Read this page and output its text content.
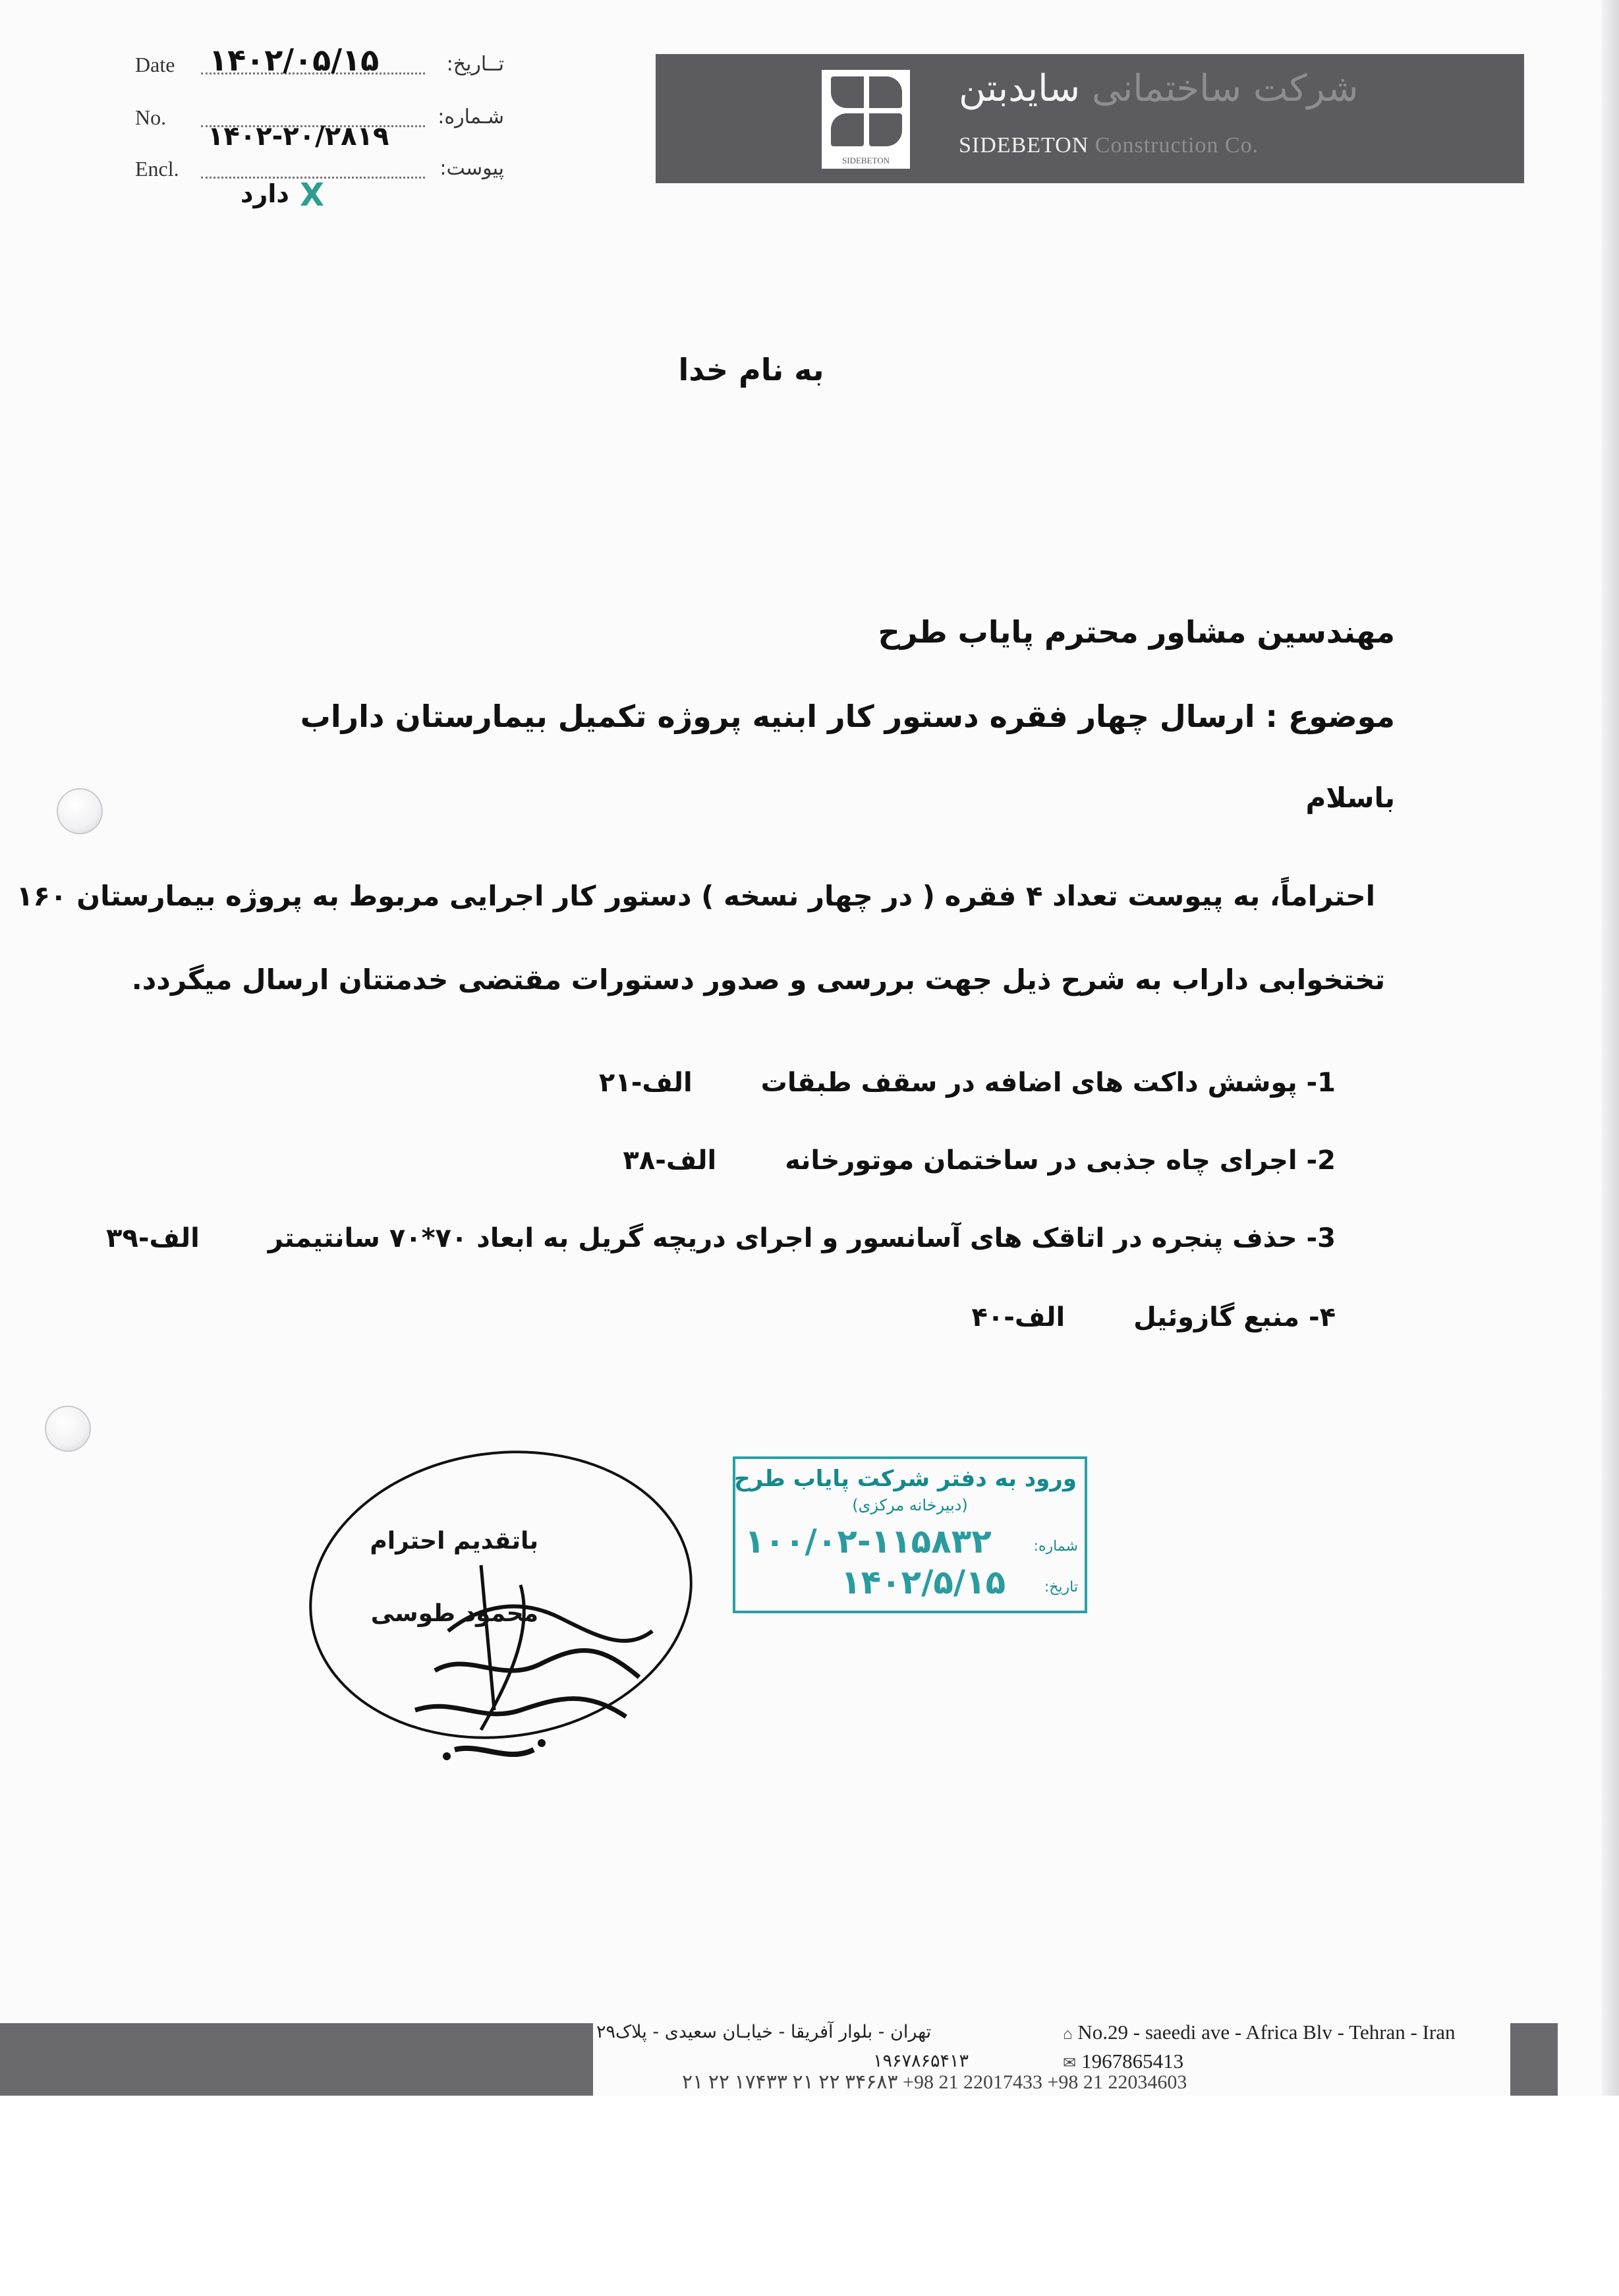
Date	تــاریخ:
۱۴۰۲/۰۵/۱۵
No.	شـماره:
۱۴۰۲-۲۰/۲۸۱۹
Encl.	پیوست:
دارد X
SIDEBETON
شرکت ساختمانی سایدبتن
SIDEBETON Construction Co.
به نام خدا
مهندسین مشاور محترم پایاب طرح
موضوع : ارسال چهار فقره دستور کار ابنیه پروژه تکمیل بیمارستان داراب
باسلام
احتراماً، به پیوست تعداد ۴ فقره ( در چهار نسخه ) دستور کار اجرایی مربوط به پروژه بیمارستان ۱۶۰
تختخوابی داراب به شرح ذیل جهت بررسی و صدور دستورات مقتضی خدمتتان ارسال میگردد.
1- پوشش داکت های اضافه در سقف طبقات الف-۲۱
2- اجرای چاه جذبی در ساختمان موتورخانه الف-۳۸
3- حذف پنجره در اتاقک های آسانسور و اجرای دریچه گریل به ابعاد ۷۰*۷۰ سانتیمتر الف-۳۹
۴- منبع گازوئیل الف-۴۰
ورود به دفتر شرکت پایاب طرح
(دبیرخانه مرکزی)
شماره:
۱۰۰/۰۲-۱۱۵۸۳۲
تاریخ:
۱۴۰۲/۵/۱۵
باتقدیم احترام
محمود طوسی
تهران - بلوار آفریقا - خیابـان سعیدی - پلاک۲۹	⌂ No.29 - saeedi ave - Africa Blv - Tehran - Iran
۱۹۶۷۸۶۵۴۱۳	✉ 1967865413
۲۱ ۲۲ ۱۷۴۳۳ ۲۱ ۲۲ ۳۴۶۸۳ +98 21 22017433 +98 21 22034603
